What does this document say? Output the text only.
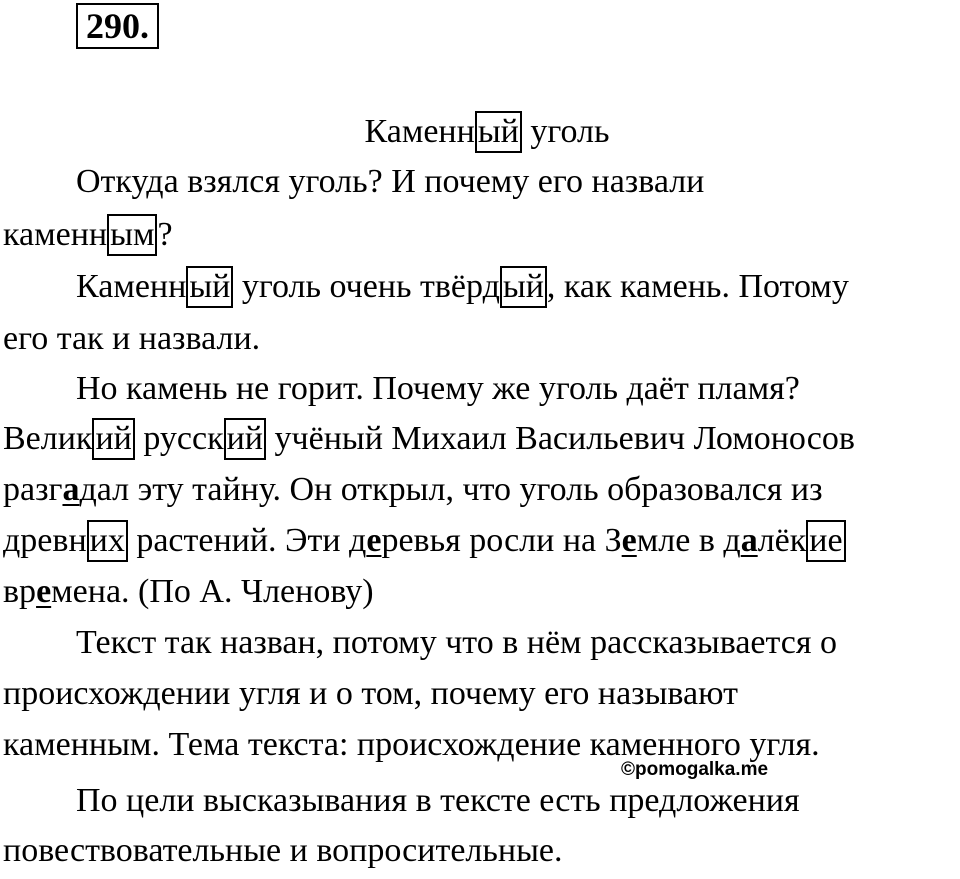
290.
Каменный уголь
Откуда взялся уголь? И почему его назвали
каменным?
Каменный уголь очень твёрдый, как камень. Потому
его так и назвали.
Но камень не горит. Почему же уголь даёт пламя?
Великий русский учёный Михаил Васильевич Ломоносов
разгадал эту тайну. Он открыл, что уголь образовался из
древних растений. Эти деревья росли на Земле в далёкие
времена. (По А. Членову)
Текст так назван, потому что в нём рассказывается о
происхождении угля и о том, почему его называют
каменным. Тема текста: происхождение каменного угля.
©pomogalka.me
По цели высказывания в тексте есть предложения
повествовательные и вопросительные.
